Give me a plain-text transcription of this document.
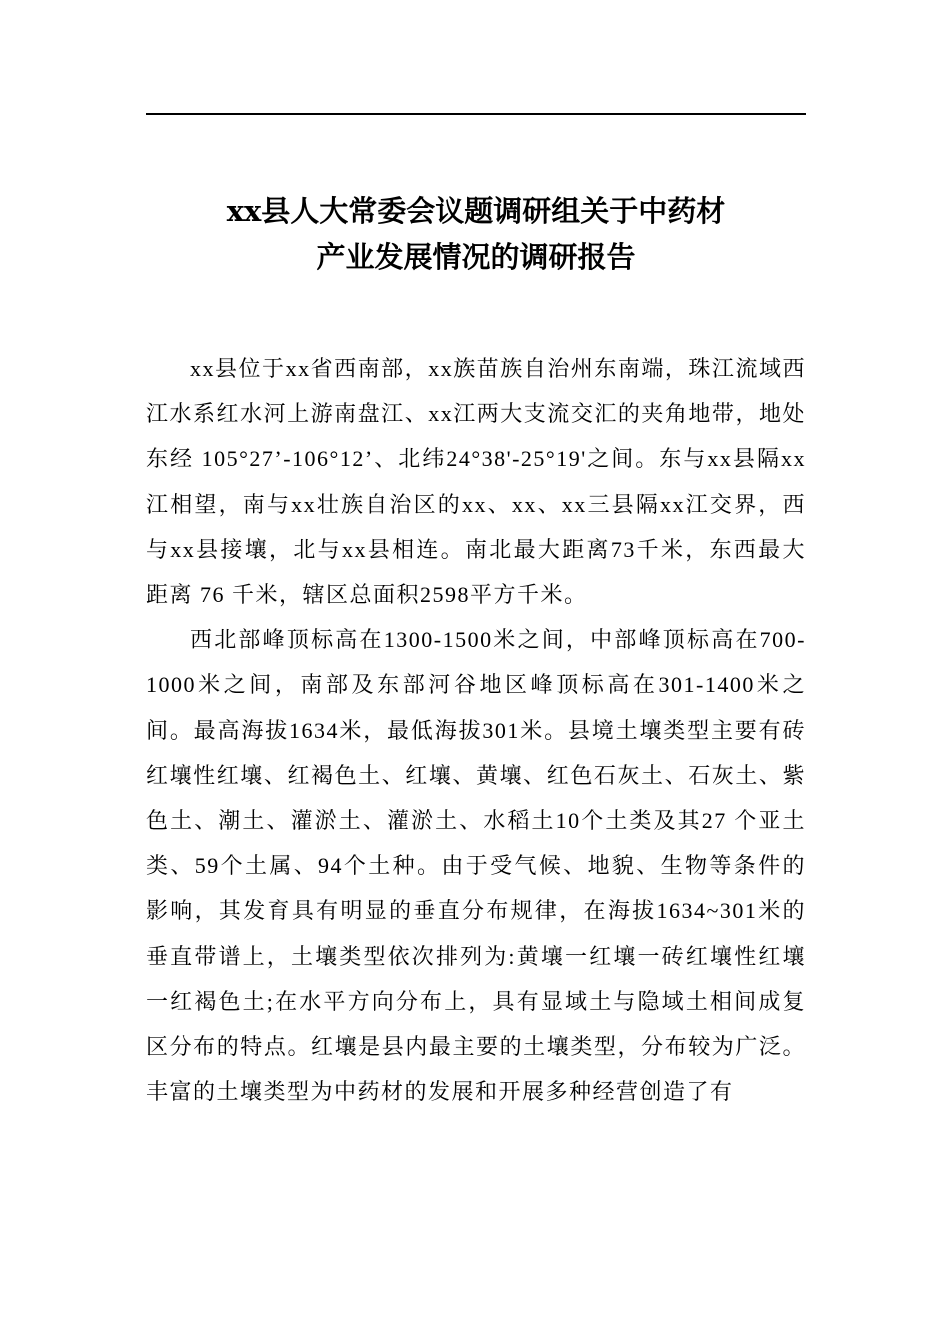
xx县人大常委会议题调研组关于中药材
产业发展情况的调研报告

xx县位于xx省西南部，xx族苗族自治州东南端，珠江流域西江水系红水河上游南盘江、xx江两大支流交汇的夹角地带，地处东经 105°27’-106°12’、北纬24°38'-25°19'之间。东与xx县隔xx江相望，南与xx壮族自治区的xx、xx、xx三县隔xx江交界，西与xx县接壤，北与xx县相连。南北最大距离73千米，东西最大距离 76 千米，辖区总面积2598平方千米。

西北部峰顶标高在1300-1500米之间，中部峰顶标高在700-1000米之间，南部及东部河谷地区峰顶标高在301-1400米之间。最高海拔1634米，最低海拔301米。县境土壤类型主要有砖红壤性红壤、红褐色土、红壤、黄壤、红色石灰土、石灰土、紫色土、潮土、灌淤土、灌淤土、水稻土10个土类及其27 个亚土类、59个土属、94个土种。由于受气候、地貌、生物等条件的影响，其发育具有明显的垂直分布规律，在海拔1634~301米的垂直带谱上，土壤类型依次排列为:黄壤一红壤一砖红壤性红壤一红褐色土;在水平方向分布上，具有显域土与隐域土相间成复区分布的特点。红壤是县内最主要的土壤类型，分布较为广泛。丰富的土壤类型为中药材的发展和开展多种经营创造了有
